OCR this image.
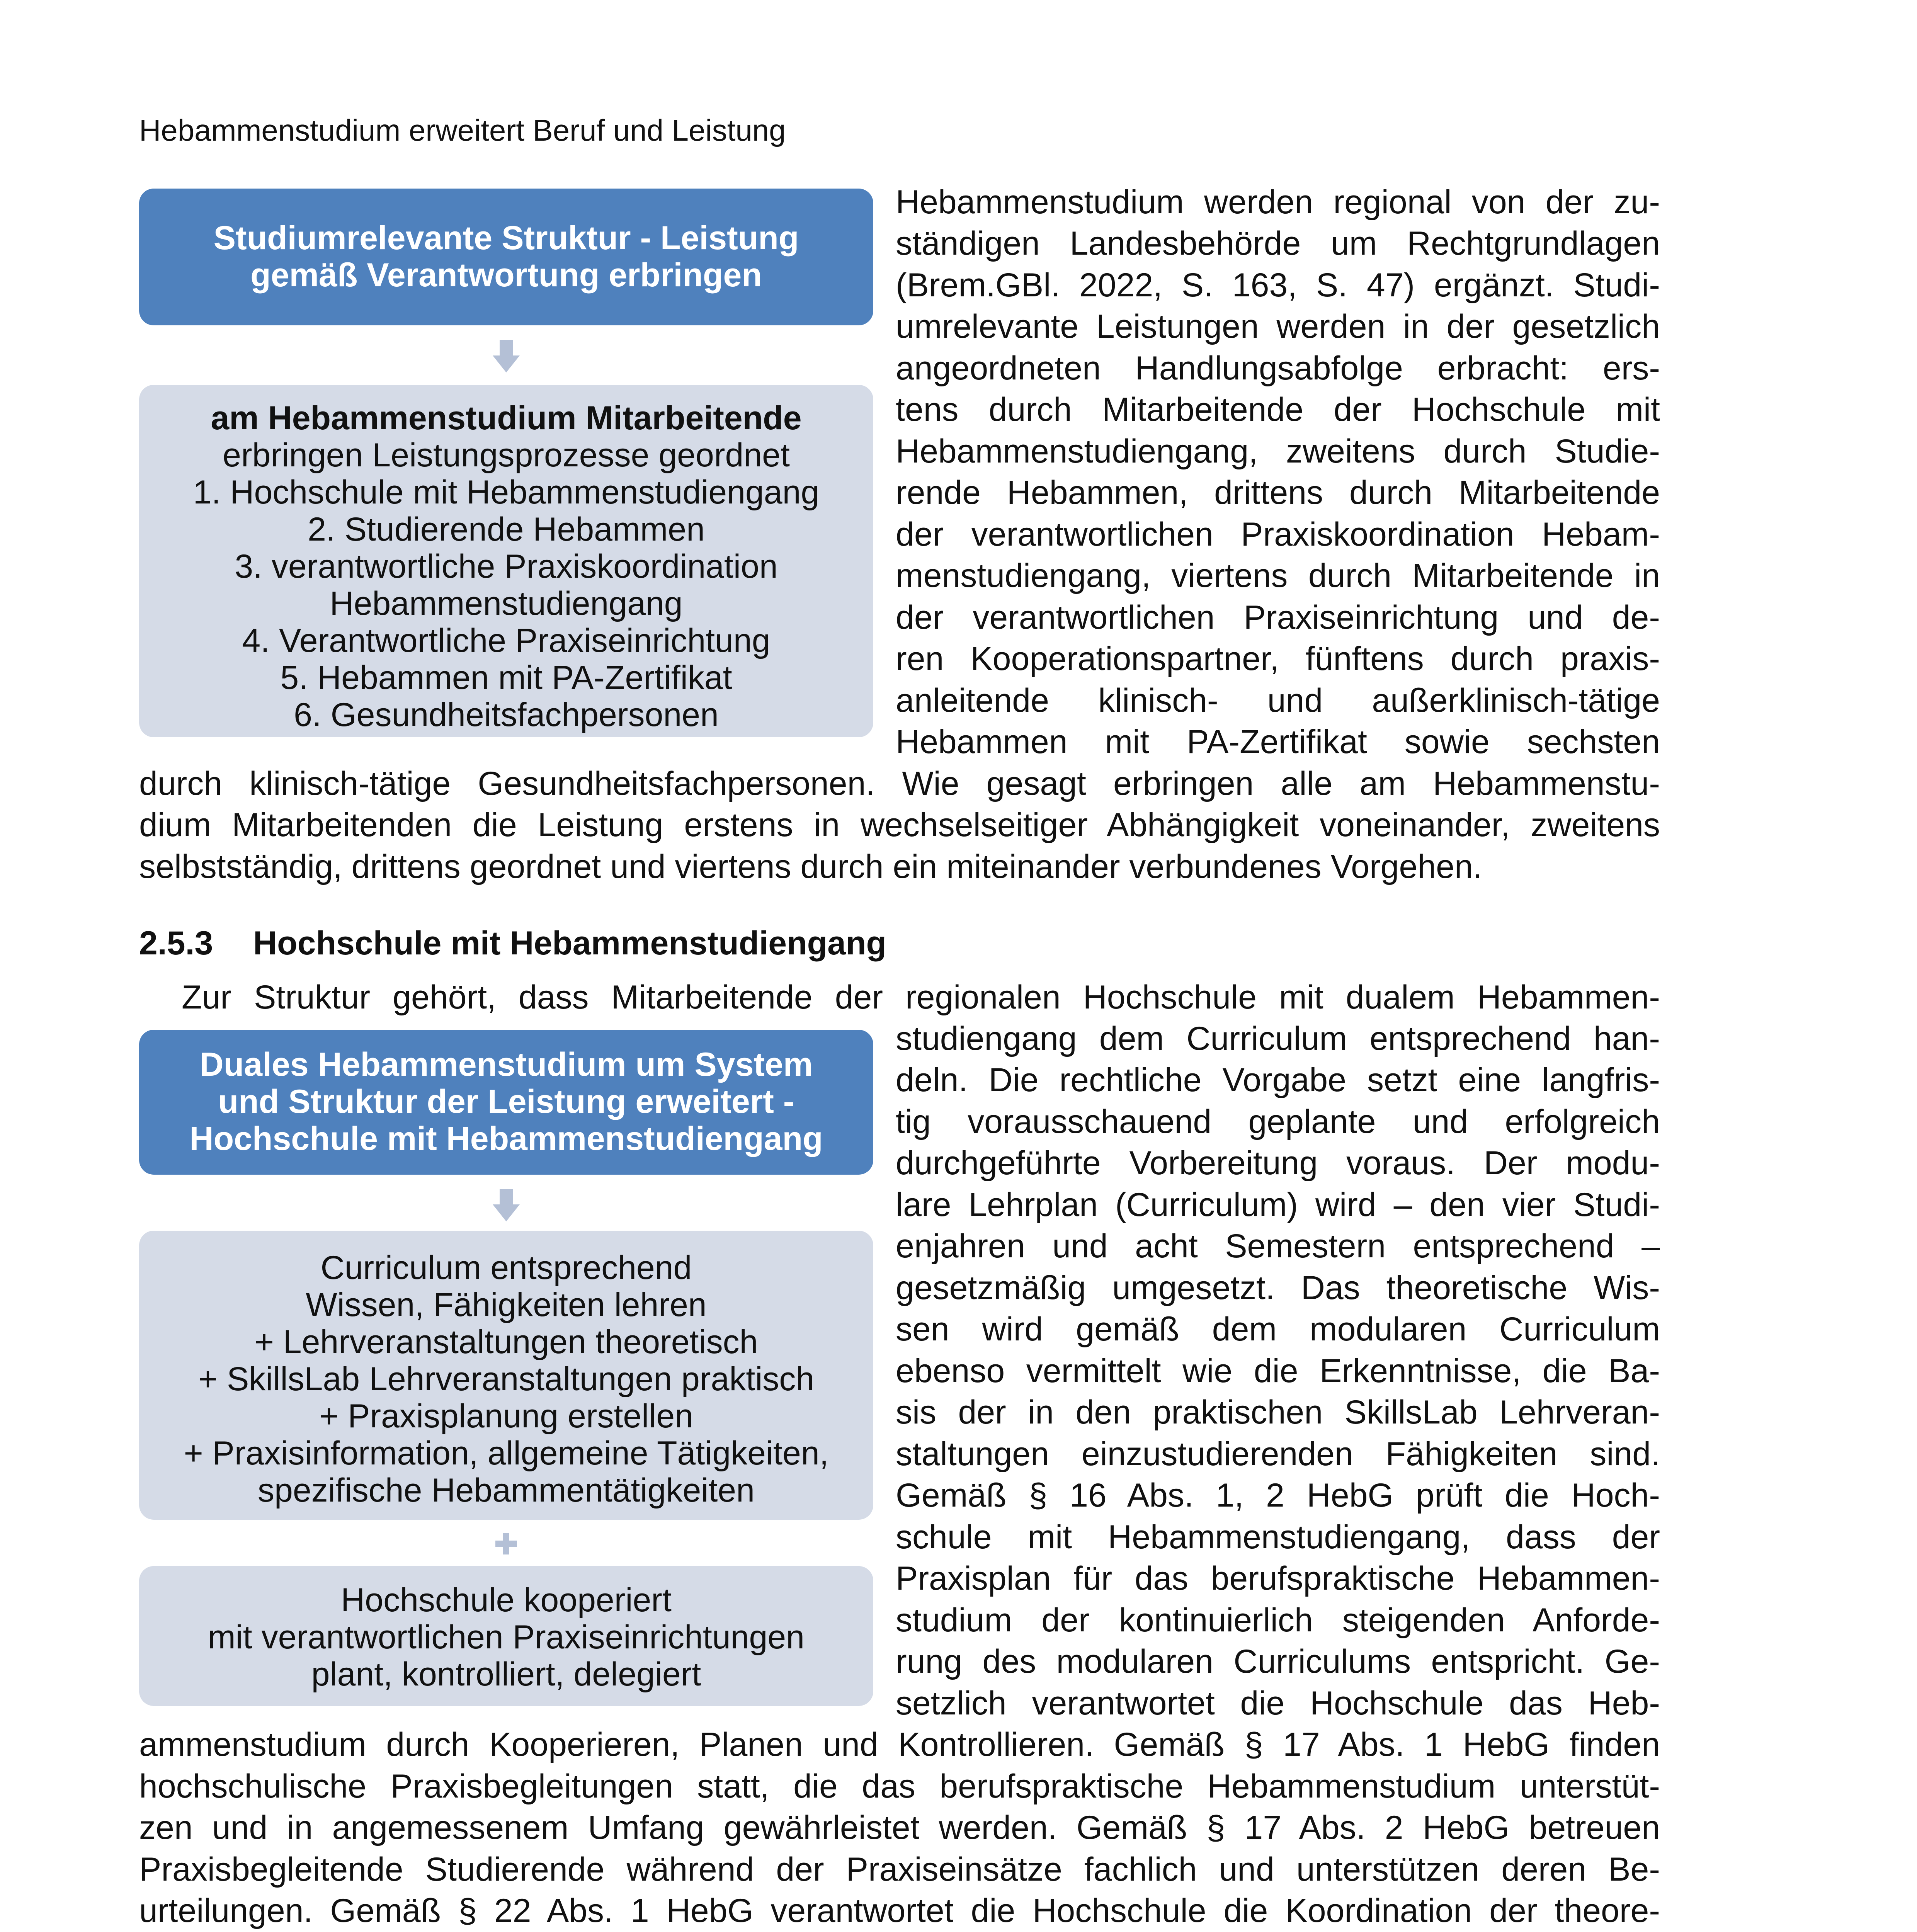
Hebammenstudium erweitert Beruf und Leistung
Studiumrelevante Struktur - Leistung
gemäß Verantwortung erbringen
am Hebammenstudium Mitarbeitende
erbringen Leistungsprozesse geordnet
1. Hochschule mit Hebammenstudiengang
2. Studierende Hebammen
3. verantwortliche Praxiskoordination
Hebammenstudiengang
4. Verantwortliche Praxiseinrichtung
5. Hebammen mit PA-Zertifikat
6. Gesundheitsfachpersonen
Hebammenstudium werden regional von der zu-
ständigen Landesbehörde um Rechtgrundlagen
(Brem.GBl. 2022, S. 163, S. 47) ergänzt. Studi-
umrelevante Leistungen werden in der gesetzlich
angeordneten Handlungsabfolge erbracht: ers-
tens durch Mitarbeitende der Hochschule mit
Hebammenstudiengang, zweitens durch Studie-
rende Hebammen, drittens durch Mitarbeitende
der verantwortlichen Praxiskoordination Hebam-
menstudiengang, viertens durch Mitarbeitende in
der verantwortlichen Praxiseinrichtung und de-
ren Kooperationspartner, fünftens durch praxis-
anleitende klinisch- und außerklinisch-tätige
Hebammen mit PA-Zertifikat sowie sechsten
durch klinisch-tätige Gesundheitsfachpersonen. Wie gesagt erbringen alle am Hebammenstu-
dium Mitarbeitenden die Leistung erstens in wechselseitiger Abhängigkeit voneinander, zweitens
selbstständig, drittens geordnet und viertens durch ein miteinander verbundenes Vorgehen.
2.5.3 Hochschule mit Hebammenstudiengang
Zur Struktur gehört, dass Mitarbeitende der regionalen Hochschule mit dualem Hebammen-
Duales Hebammenstudium um System
und Struktur der Leistung erweitert -
Hochschule mit Hebammenstudiengang
Curriculum entsprechend
Wissen, Fähigkeiten lehren
+ Lehrveranstaltungen theoretisch
+ SkillsLab Lehrveranstaltungen praktisch
+ Praxisplanung erstellen
+ Praxisinformation, allgemeine Tätigkeiten,
spezifische Hebammentätigkeiten
Hochschule kooperiert
mit verantwortlichen Praxiseinrichtungen
plant, kontrolliert, delegiert
studiengang dem Curriculum entsprechend han-
deln. Die rechtliche Vorgabe setzt eine langfris-
tig vorausschauend geplante und erfolgreich
durchgeführte Vorbereitung voraus. Der modu-
lare Lehrplan (Curriculum) wird – den vier Studi-
enjahren und acht Semestern entsprechend –
gesetzmäßig umgesetzt. Das theoretische Wis-
sen wird gemäß dem modularen Curriculum
ebenso vermittelt wie die Erkenntnisse, die Ba-
sis der in den praktischen SkillsLab Lehrveran-
staltungen einzustudierenden Fähigkeiten sind.
Gemäß § 16 Abs. 1, 2 HebG prüft die Hoch-
schule mit Hebammenstudiengang, dass der
Praxisplan für das berufspraktische Hebammen-
studium der kontinuierlich steigenden Anforde-
rung des modularen Curriculums entspricht. Ge-
setzlich verantwortet die Hochschule das Heb-
ammenstudium durch Kooperieren, Planen und Kontrollieren. Gemäß § 17 Abs. 1 HebG finden
hochschulische Praxisbegleitungen statt, die das berufspraktische Hebammenstudium unterstüt-
zen und in angemessenem Umfang gewährleistet werden. Gemäß § 17 Abs. 2 HebG betreuen
Praxisbegleitende Studierende während der Praxiseinsätze fachlich und unterstützen deren Be-
urteilungen. Gemäß § 22 Abs. 1 HebG verantwortet die Hochschule die Koordination der theore-
